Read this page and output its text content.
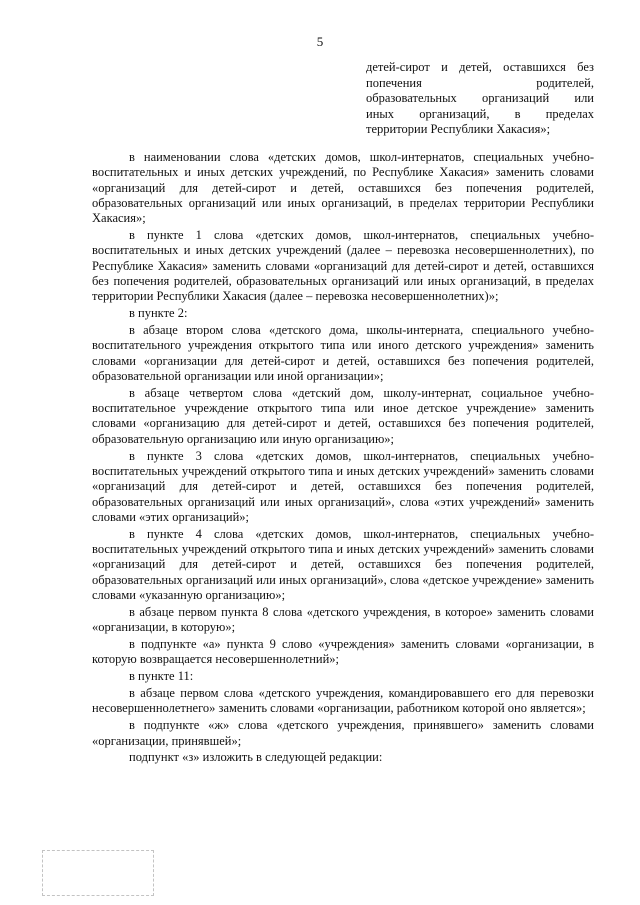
5
детей-сирот и детей, оставшихся без
попечения родителей,
образовательных организаций или
иных организаций, в пределах
территории Республики Хакасия»;

в наименовании слова «детских домов, школ-интернатов, специальных учебно-воспитательных и иных детских учреждений, по Республике Хакасия» заменить словами «организаций для детей-сирот и детей, оставшихся без попечения родителей, образовательных организаций или иных организаций, в пределах территории Республики Хакасия»;

в пункте 1 слова «детских домов, школ-интернатов, специальных учебно-воспитательных и иных детских учреждений (далее – перевозка несовершеннолетних), по Республике Хакасия» заменить словами «организаций для детей-сирот и детей, оставшихся без попечения родителей, образовательных организаций или иных организаций, в пределах территории Республики Хакасия (далее – перевозка несовершеннолетних)»;

в пункте 2:

в абзаце втором слова «детского дома, школы-интерната, специального учебно-воспитательного учреждения открытого типа или иного детского учреждения» заменить словами «организации для детей-сирот и детей, оставшихся без попечения родителей, образовательной организации или иной организации»;

в абзаце четвертом слова «детский дом, школу-интернат, социальное учебно-воспитательное учреждение открытого типа или иное детское учреждение» заменить словами «организацию для детей-сирот и детей, оставшихся без попечения родителей, образовательную организацию или иную организацию»;

в пункте 3 слова «детских домов, школ-интернатов, специальных учебно-воспитательных учреждений открытого типа и иных детских учреждений» заменить словами «организаций для детей-сирот и детей, оставшихся без попечения родителей, образовательных организаций или иных организаций», слова «этих учреждений» заменить словами «этих организаций»;

в пункте 4 слова «детских домов, школ-интернатов, специальных учебно-воспитательных учреждений открытого типа и иных детских учреждений» заменить словами «организаций для детей-сирот и детей, оставшихся без попечения родителей, образовательных организаций или иных организаций», слова «детское учреждение» заменить словами «указанную организацию»;

в абзаце первом пункта 8 слова «детского учреждения, в которое» заменить словами «организации, в которую»;

в подпункте «а» пункта 9 слово «учреждения» заменить словами «организации, в которую возвращается несовершеннолетний»;

в пункте 11:

в абзаце первом слова «детского учреждения, командировавшего его для перевозки несовершеннолетнего» заменить словами «организации, работником которой оно является»;

в подпункте «ж» слова «детского учреждения, принявшего» заменить словами «организации, принявшей»;

подпункт «з» изложить в следующей редакции:
